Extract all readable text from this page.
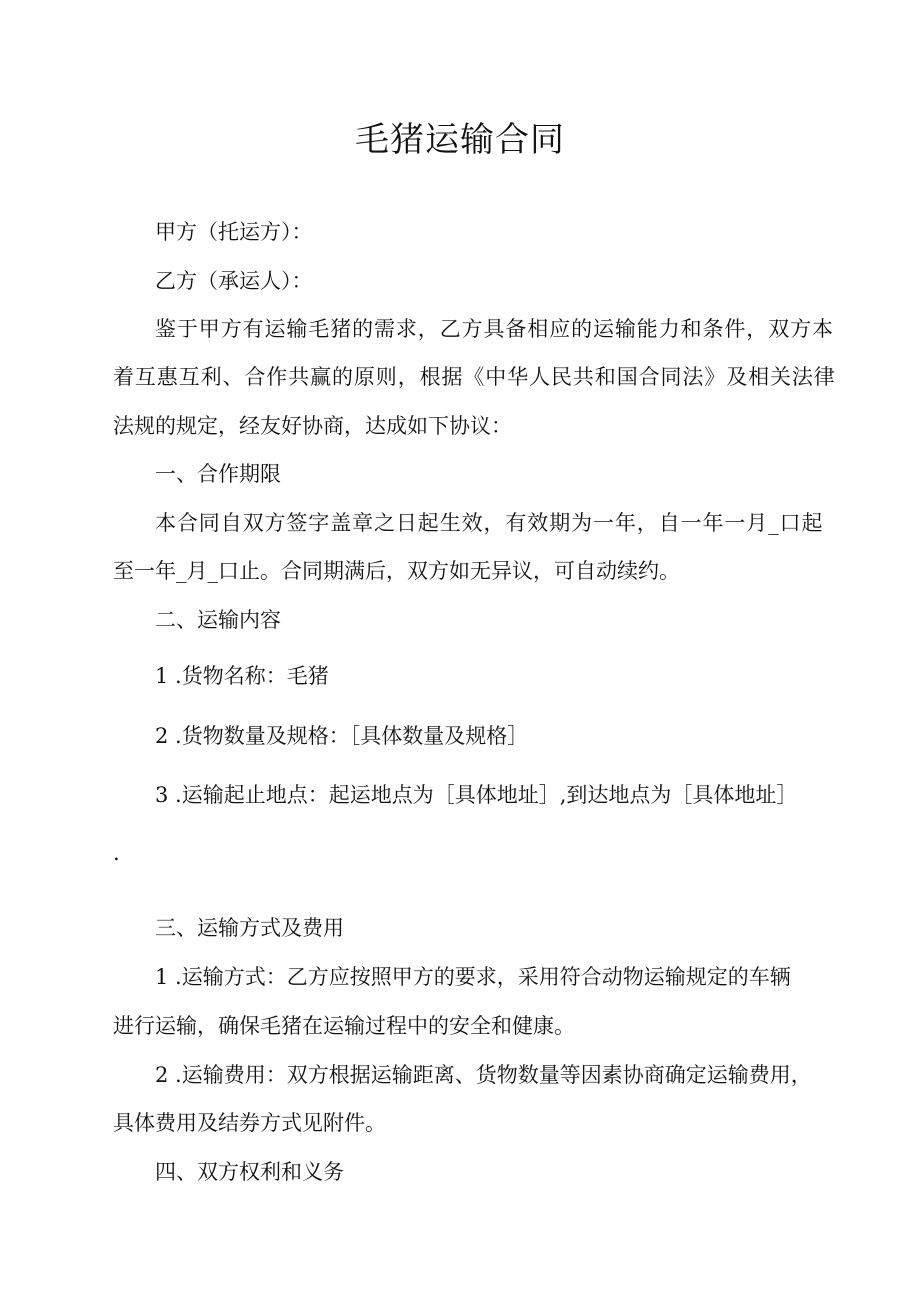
毛猪运输合同

甲方（托运方）：

乙方（承运人）：

鉴于甲方有运输毛猪的需求，乙方具备相应的运输能力和条件，双方本

着互惠互利、合作共赢的原则，根据《中华人民共和国合同法》及相关法律

法规的规定，经友好协商，达成如下协议：

一、合作期限

本合同自双方签字盖章之日起生效，有效期为一年，自一年一月_口起

至一年_月_口止。合同期满后，双方如无异议，可自动续约。

二、运输内容

1 .货物名称：毛猪

2 .货物数量及规格：［具体数量及规格］

3 .运输起止地点：起运地点为［具体地址］,到达地点为［具体地址］

.

三、运输方式及费用

1 .运输方式：乙方应按照甲方的要求，采用符合动物运输规定的车辆

进行运输，确保毛猪在运输过程中的安全和健康。

2 .运输费用：双方根据运输距离、货物数量等因素协商确定运输费用，

具体费用及结券方式见附件。

四、双方权利和义务
